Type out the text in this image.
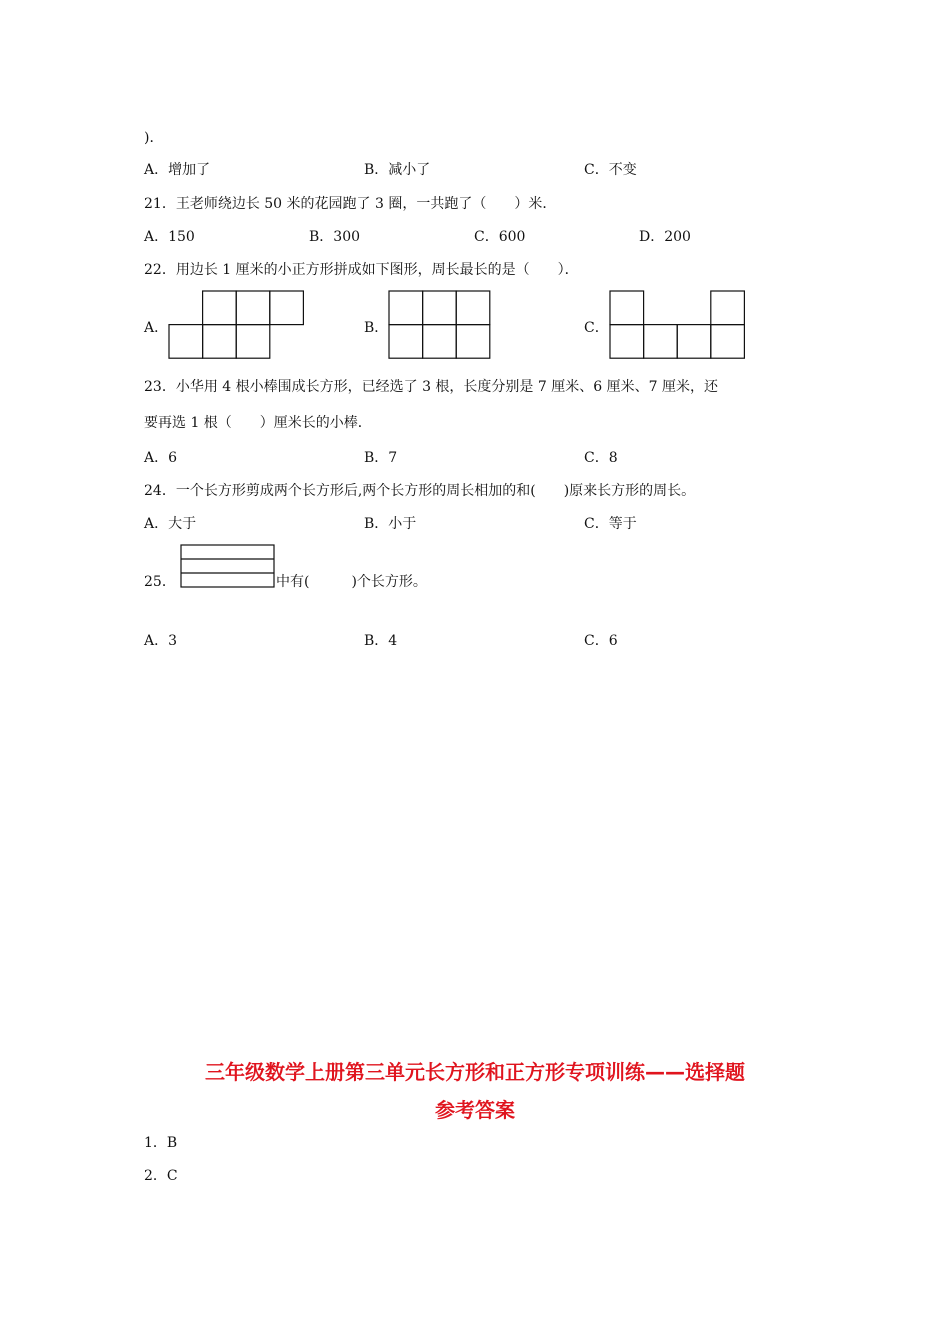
)．
A．增加了	B．减小了	C．不变
21．王老师绕边长 50 米的花园跑了 3 圈，一共跑了（　　）米．
A．150	B．300	C．600	D．200
22．用边长 1 厘米的小正方形拼成如下图形，周长最长的是（　　）．
A．	B．	C．
23．小华用 4 根小棒围成长方形，已经选了 3 根，长度分别是 7 厘米、6 厘米、7 厘米，还
要再选 1 根（　　）厘米长的小棒．
A．6	B．7	C．8
24．一个长方形剪成两个长方形后,两个长方形的周长相加的和(　　)原来长方形的周长。
A．大于	B．小于	C．等于
25．	中有(　　　)个长方形。
A．3	B．4	C．6
三年级数学上册第三单元长方形和正方形专项训练——选择题
参考答案
1．B
2．C
